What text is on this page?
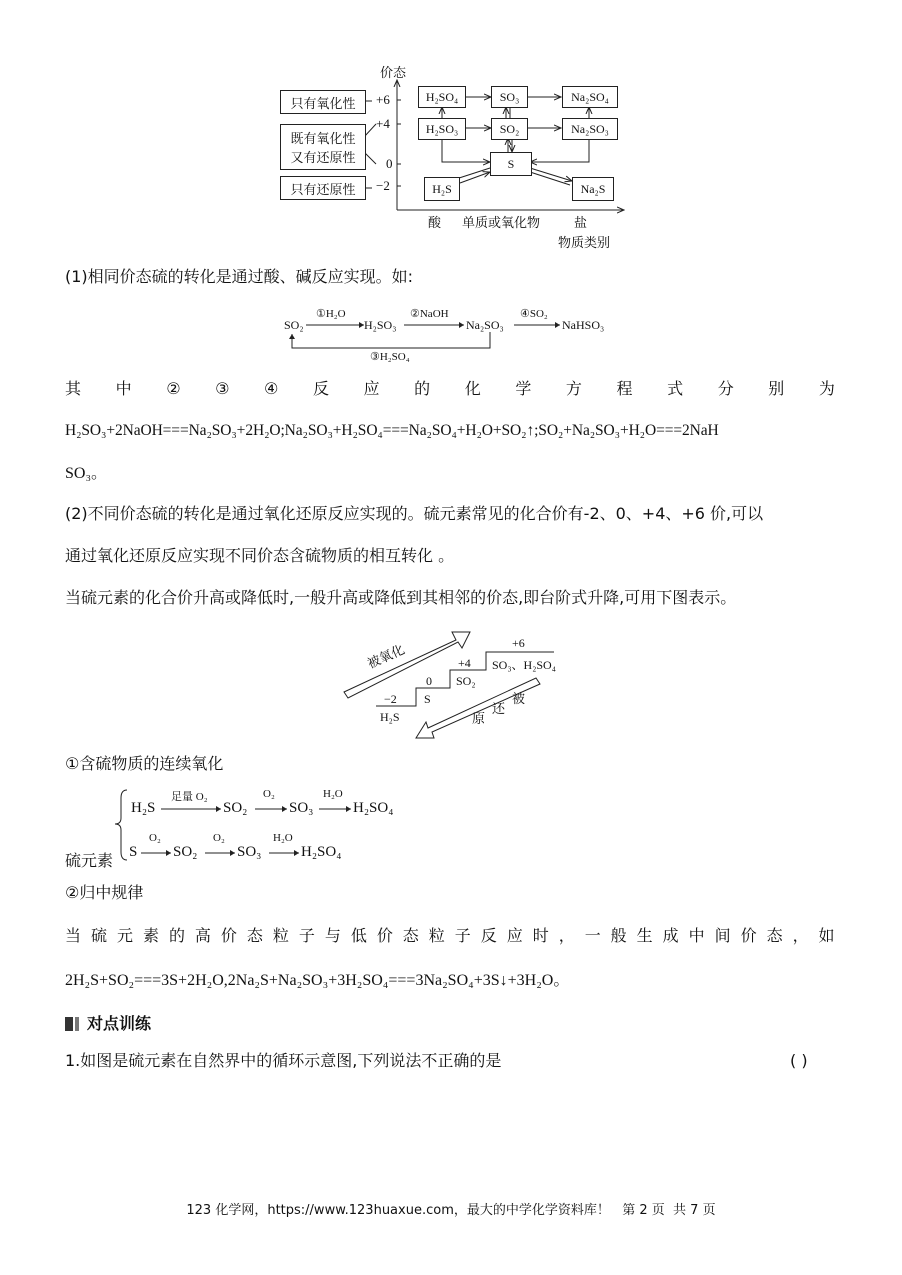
价态
+6
+4
0
−2
只有氧化性
既有氧化性
又有还原性
只有还原性
H₂SO₄	SO₃	Na₂SO₄
H₂SO₃	SO₂	Na₂SO₃
S
H₂S	Na₂S
酸 单质或氧化物	盐
物质类别
(1)相同价态硫的转化是通过酸、碱反应实现。如:
SO₂	H₂SO₃	Na₂SO₃	NaHSO₃
①H₂O	②NaOH	④SO₂
③H₂SO₄
其 中 ② ③ ④ 反 应 的 化 学 方 程 式 分 别 为
H₂SO₃+2NaOH===Na₂SO₃+2H₂O;Na₂SO₃+H₂SO₄===Na₂SO₄+H₂O+SO₂↑;SO₂+Na₂SO₃+H₂O===2NaH
SO₃。
(2)不同价态硫的转化是通过氧化还原反应实现的。硫元素常见的化合价有-2、0、+4、+6 价,可以
通过氧化还原反应实现不同价态含硫物质的相互转化 。
当硫元素的化合价升高或降低时,一般升高或降低到其相邻的价态,即台阶式升降,可用下图表示。
被氧化
被
还
原
−2
0
+4
+6
H₂S
S
SO₂
SO₃、H₂SO₄
①含硫物质的连续氧化
硫元素
H₂S	SO₂	SO₃	H₂SO₄
足量 O₂	O₂	H₂O
S SO₂	SO₃	H₂SO₄
O₂	O₂	H₂O
②归中规律
当 硫 元 素 的 高 价 态 粒 子 与 低 价 态 粒 子 反 应 时 ， 一 般 生 成 中 间 价 态 ， 如
2H₂S+SO₂===3S+2H₂O,2Na₂S+Na₂SO₃+3H₂SO₄===3Na₂SO₄+3S↓+3H₂O。
对点训练
1.如图是硫元素在自然界中的循环示意图,下列说法不正确的是	( )
123 化学网，https://www.123huaxue.com，最大的中学化学资料库！   第 2 页  共 7 页
